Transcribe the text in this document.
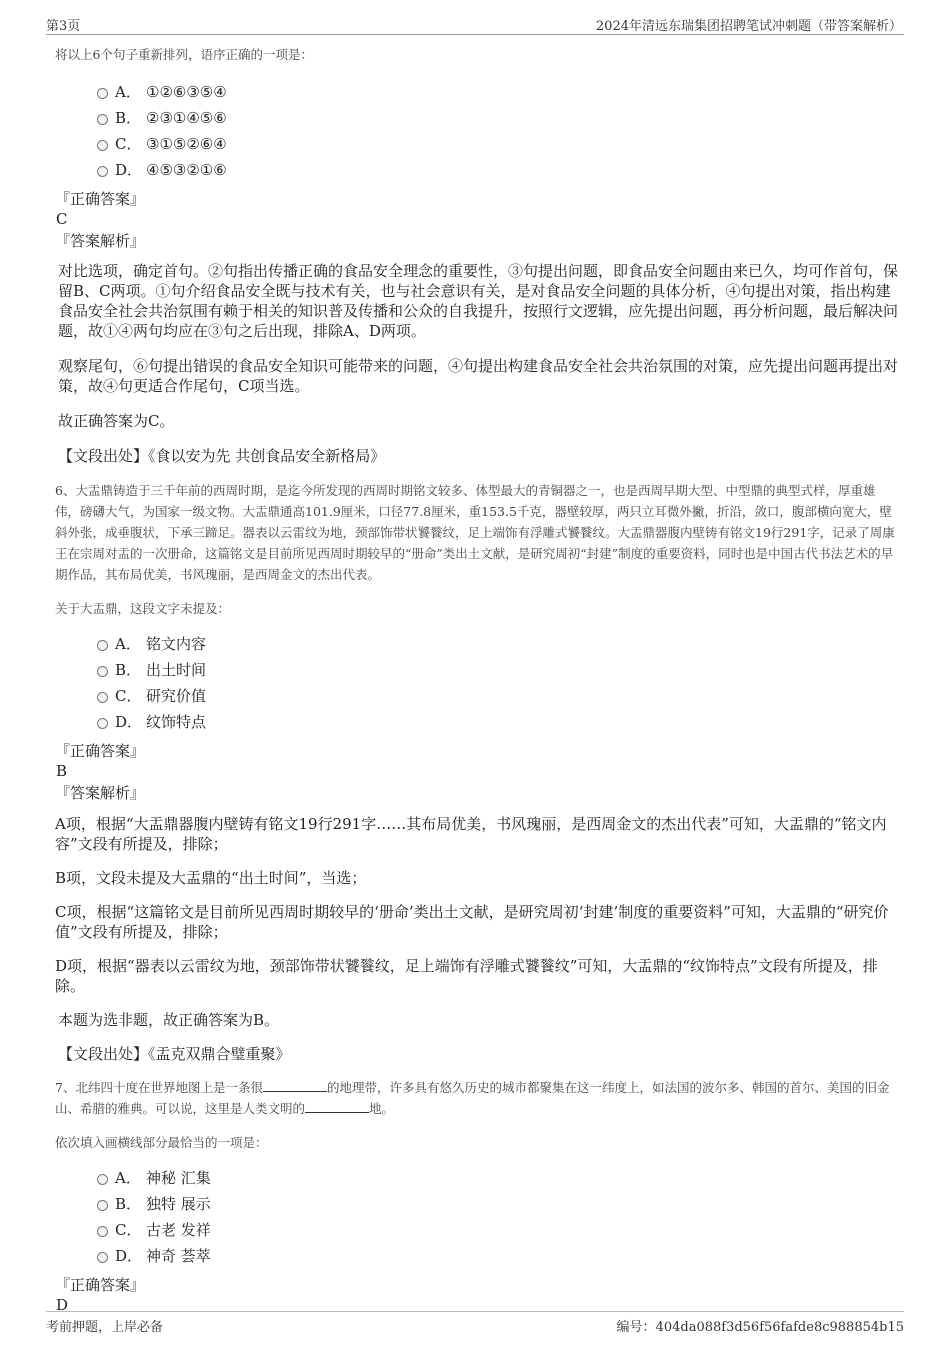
第3页	2024年清远东瑞集团招聘笔试冲刺题（带答案解析）

将以上6个句子重新排列，语序正确的一项是：

A． ①②⑥③⑤④
B． ②③①④⑤⑥
C． ③①⑤②⑥④
D． ④⑤③②①⑥

『正确答案』

C

『答案解析』

对比选项，确定首句。②句指出传播正确的食品安全理念的重要性，③句提出问题，即食品安全问题由来已久，均可作首句，保留B、C两项。①句介绍食品安全既与技术有关，也与社会意识有关，是对食品安全问题的具体分析，④句提出对策，指出构建食品安全社会共治氛围有赖于相关的知识普及传播和公众的自我提升，按照行文逻辑，应先提出问题，再分析问题，最后解决问题，故①④两句均应在③句之后出现，排除A、D两项。

观察尾句，⑥句提出错误的食品安全知识可能带来的问题，④句提出构建食品安全社会共治氛围的对策，应先提出问题再提出对策，故④句更适合作尾句，C项当选。

故正确答案为C。

【文段出处】《食以安为先 共创食品安全新格局》

6、大盂鼎铸造于三千年前的西周时期，是迄今所发现的西周时期铭文较多、体型最大的青铜器之一，也是西周早期大型、中型鼎的典型式样，厚重雄伟，磅礴大气，为国家一级文物。大盂鼎通高101.9厘米，口径77.8厘米，重153.5千克，器壁较厚，两只立耳微外撇，折沿，敛口，腹部横向宽大，壁斜外张，成垂腹状，下承三蹄足。器表以云雷纹为地，颈部饰带状饕餮纹，足上端饰有浮雕式饕餮纹。大盂鼎器腹内壁铸有铭文19行291字，记录了周康王在宗周对盂的一次册命，这篇铭文是目前所见西周时期较早的“册命”类出土文献，是研究周初“封建”制度的重要资料，同时也是中国古代书法艺术的早期作品，其布局优美，书风瑰丽，是西周金文的杰出代表。

关于大盂鼎，这段文字未提及：

A． 铭文内容
B． 出土时间
C． 研究价值
D． 纹饰特点

『正确答案』

B

『答案解析』

A项，根据“大盂鼎器腹内壁铸有铭文19行291字……其布局优美，书风瑰丽，是西周金文的杰出代表”可知，大盂鼎的“铭文内容”文段有所提及，排除；

B项，文段未提及大盂鼎的“出土时间”，当选；

C项，根据“这篇铭文是目前所见西周时期较早的‘册命’类出土文献，是研究周初‘封建’制度的重要资料”可知，大盂鼎的“研究价值”文段有所提及，排除；

D项，根据“器表以云雷纹为地，颈部饰带状饕餮纹，足上端饰有浮雕式饕餮纹”可知，大盂鼎的“纹饰特点”文段有所提及，排除。

本题为选非题，故正确答案为B。

【文段出处】《盂克双鼎合璧重聚》

7、北纬四十度在世界地图上是一条很	的地理带，许多具有悠久历史的城市都聚集在这一纬度上，如法国的波尔多、韩国的首尔、美国的旧金山、希腊的雅典。可以说，这里是人类文明的	地。

依次填入画横线部分最恰当的一项是：

A． 神秘 汇集
B． 独特 展示
C． 古老 发祥
D． 神奇 荟萃

『正确答案』

D

考前押题，上岸必备	编号：404da088f3d56f56fafde8c988854b15
